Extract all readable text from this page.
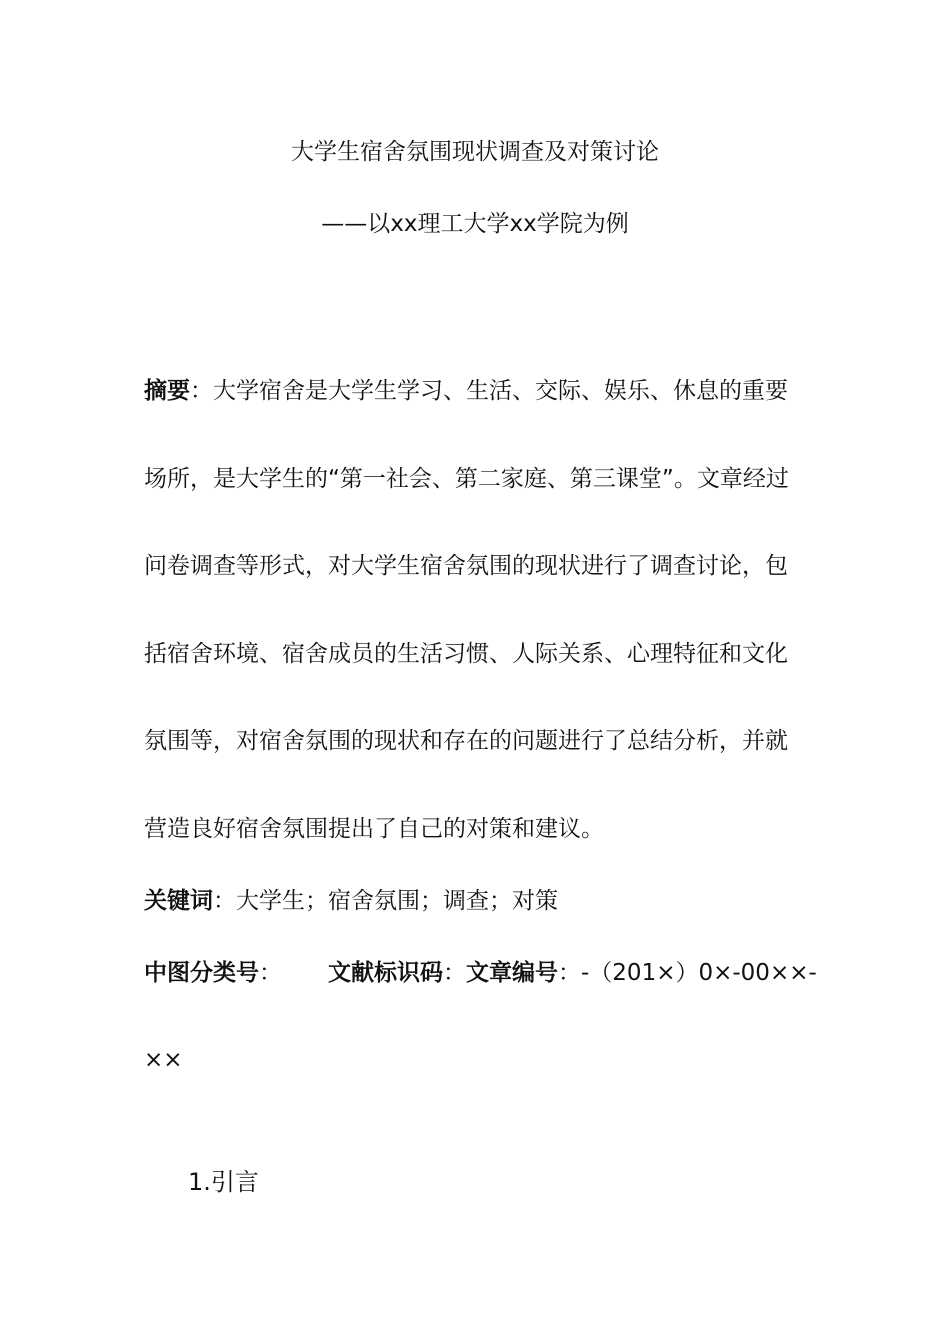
大学生宿舍氛围现状调查及对策讨论
——以xx理工大学xx学院为例
摘要：大学宿舍是大学生学习、生活、交际、娱乐、休息的重要
场所，是大学生的“第一社会、第二家庭、第三课堂”。文章经过
问卷调查等形式，对大学生宿舍氛围的现状进行了调查讨论，包
括宿舍环境、宿舍成员的生活习惯、人际关系、心理特征和文化
氛围等，对宿舍氛围的现状和存在的问题进行了总结分析，并就
营造良好宿舍氛围提出了自己的对策和建议。
关键词：大学生；宿舍氛围；调查；对策
中图分类号： 文献标识码：文章编号：-（201×）0×-00××-
××
1.引言
